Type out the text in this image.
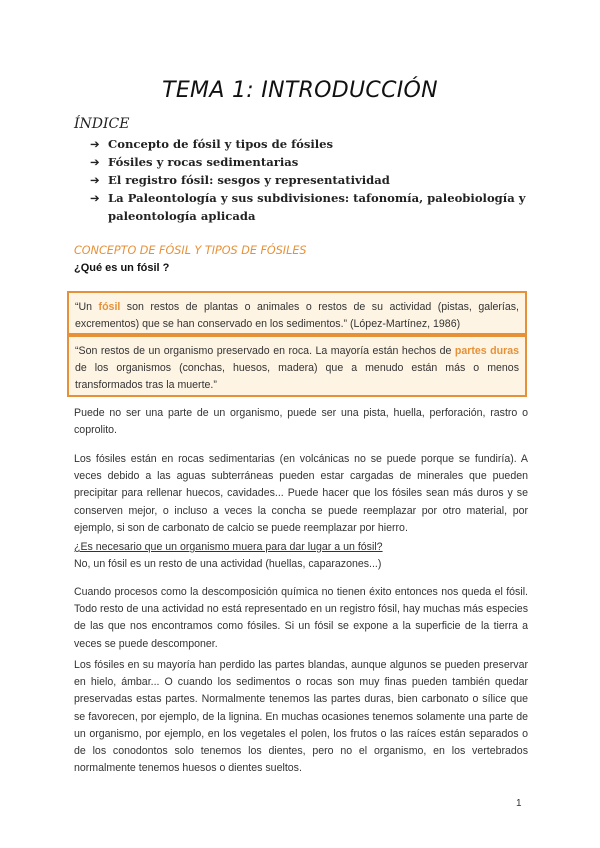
TEMA 1: INTRODUCCIÓN
ÍNDICE
➔ Concepto de fósil y tipos de fósiles
➔ Fósiles y rocas sedimentarias
➔ El registro fósil: sesgos y representatividad
➔ La Paleontología y sus subdivisiones: tafonomía, paleobiología y paleontología aplicada
CONCEPTO DE FÓSIL Y TIPOS DE FÓSILES
¿Qué es un fósil ?
“Un fósil son restos de plantas o animales o restos de su actividad (pistas, galerías, excrementos) que se han conservado en los sedimentos.” (López-Martínez, 1986)
“Son restos de un organismo preservado en roca. La mayoría están hechos de partes duras de los organismos (conchas, huesos, madera) que a menudo están más o menos transformados tras la muerte.”
Puede no ser una parte de un organismo, puede ser una pista, huella, perforación, rastro o coprolito.
Los fósiles están en rocas sedimentarias (en volcánicas no se puede porque se fundiría). A veces debido a las aguas subterráneas pueden estar cargadas de minerales que pueden precipitar para rellenar huecos, cavidades... Puede hacer que los fósiles sean más duros y se conserven mejor, o incluso a veces la concha se puede reemplazar por otro material, por ejemplo, si son de carbonato de calcio se puede reemplazar por hierro.
¿Es necesario que un organismo muera para dar lugar a un fósil?
No, un fósil es un resto de una actividad (huellas, caparazones...)
Cuando procesos como la descomposición química no tienen éxito entonces nos queda el fósil. Todo resto de una actividad no está representado en un registro fósil, hay muchas más especies de las que nos encontramos como fósiles. Si un fósil se expone a la superficie de la tierra a veces se puede descomponer.
Los fósiles en su mayoría han perdido las partes blandas, aunque algunos se pueden preservar en hielo, ámbar... O cuando los sedimentos o rocas son muy finas pueden también quedar preservadas estas partes. Normalmente tenemos las partes duras, bien carbonato o sílice que se favorecen, por ejemplo, de la lignina. En muchas ocasiones tenemos solamente una parte de un organismo, por ejemplo, en los vegetales el polen, los frutos o las raíces están separados o de los conodontos solo tenemos los dientes, pero no el organismo, en los vertebrados normalmente tenemos huesos o dientes sueltos.
1
